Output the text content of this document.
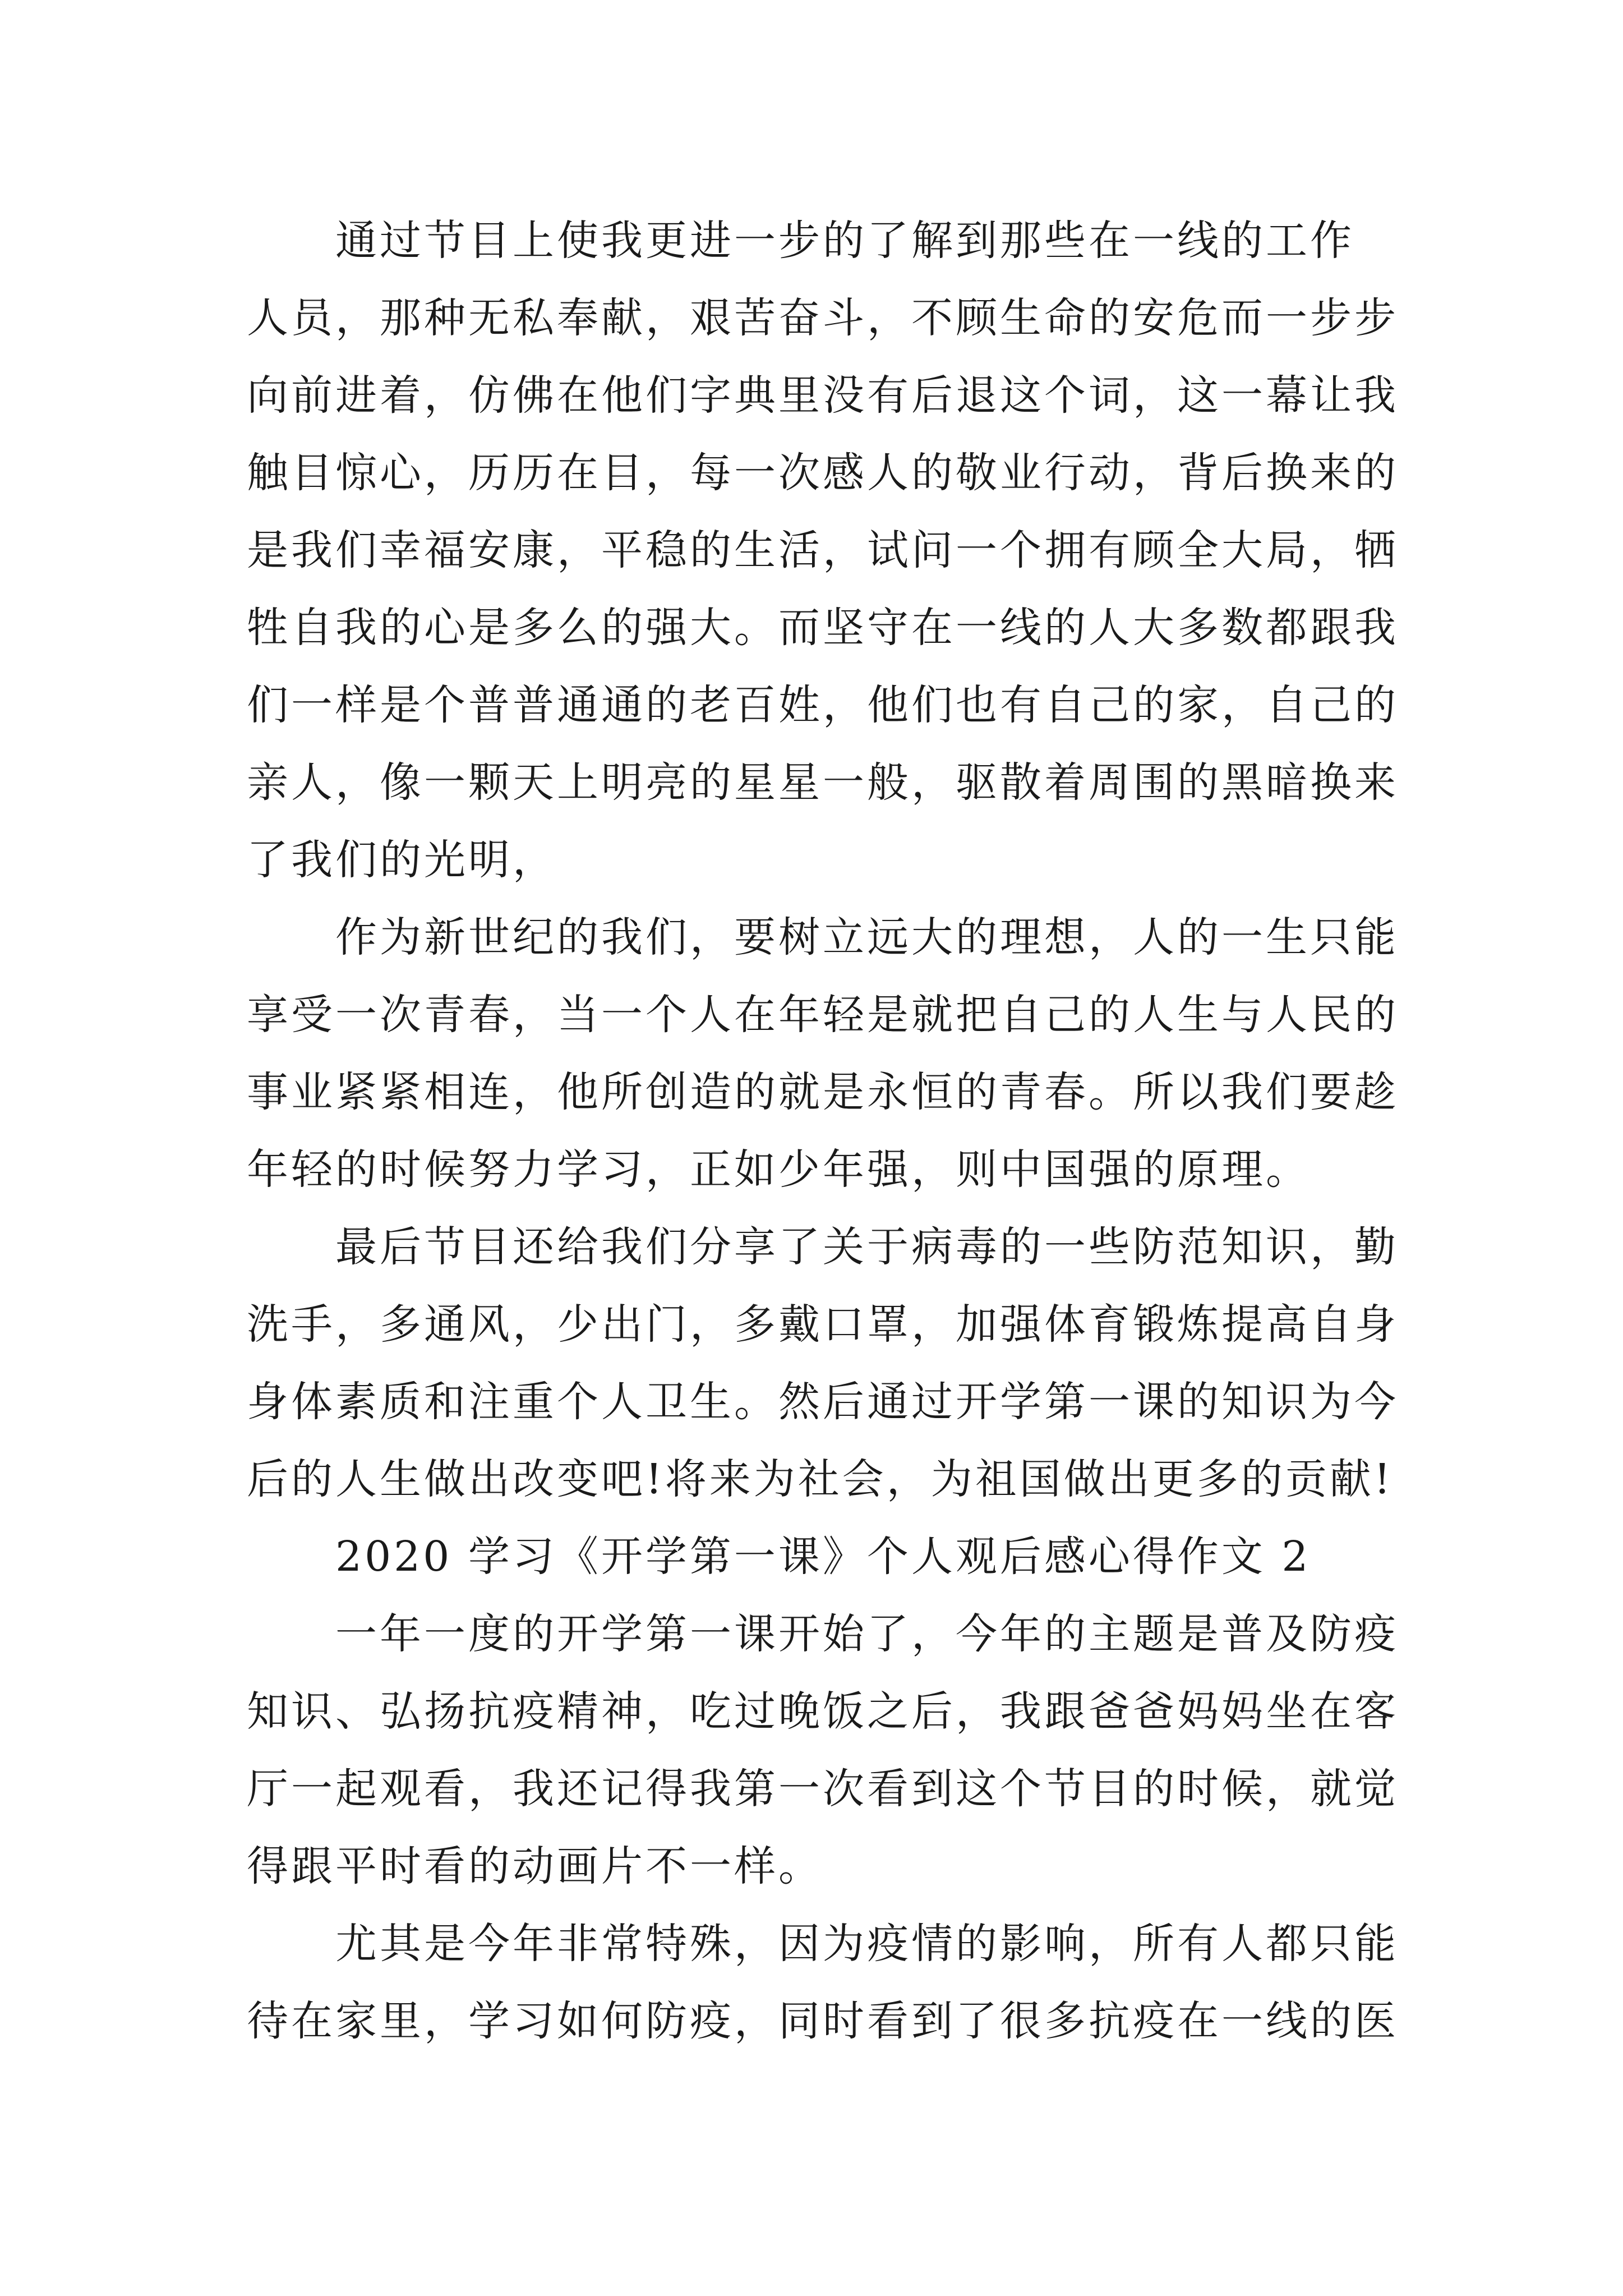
通过节目上使我更进一步的了解到那些在一线的工作
人员，那种无私奉献，艰苦奋斗，不顾生命的安危而一步步
向前进着，仿佛在他们字典里没有后退这个词，这一幕让我
触目惊心，历历在目，每一次感人的敬业行动，背后换来的
是我们幸福安康，平稳的生活，试问一个拥有顾全大局，牺
牲自我的心是多么的强大。而坚守在一线的人大多数都跟我
们一样是个普普通通的老百姓，他们也有自己的家，自己的
亲人，像一颗天上明亮的星星一般，驱散着周围的黑暗换来
了我们的光明，
作为新世纪的我们，要树立远大的理想，人的一生只能
享受一次青春，当一个人在年轻是就把自己的人生与人民的
事业紧紧相连，他所创造的就是永恒的青春。所以我们要趁
年轻的时候努力学习，正如少年强，则中国强的原理。
最后节目还给我们分享了关于病毒的一些防范知识，勤
洗手，多通风，少出门，多戴口罩，加强体育锻炼提高自身
身体素质和注重个人卫生。然后通过开学第一课的知识为今
后的人生做出改变吧!将来为社会，为祖国做出更多的贡献!
2020 学习《开学第一课》个人观后感心得作文 2
一年一度的开学第一课开始了，今年的主题是普及防疫
知识、弘扬抗疫精神，吃过晚饭之后，我跟爸爸妈妈坐在客
厅一起观看，我还记得我第一次看到这个节目的时候，就觉
得跟平时看的动画片不一样。
尤其是今年非常特殊，因为疫情的影响，所有人都只能
待在家里，学习如何防疫，同时看到了很多抗疫在一线的医
